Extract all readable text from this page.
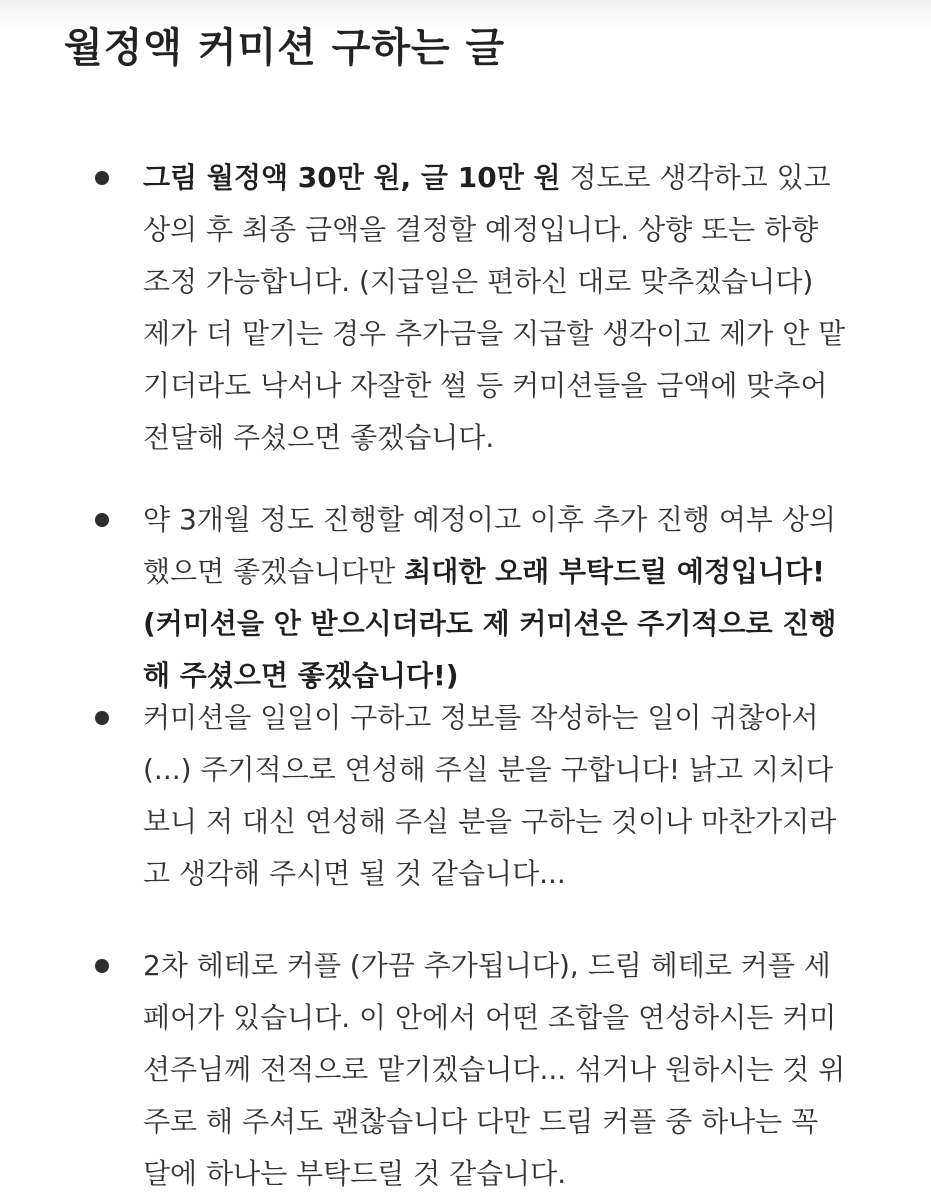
월정액 커미션 구하는 글
그림 월정액 30만 원, 글 10만 원 정도로 생각하고 있고
상의 후 최종 금액을 결정할 예정입니다. 상향 또는 하향
조정 가능합니다. (지급일은 편하신 대로 맞추겠습니다)
제가 더 맡기는 경우 추가금을 지급할 생각이고 제가 안 맡
기더라도 낙서나 자잘한 썰 등 커미션들을 금액에 맞추어
전달해 주셨으면 좋겠습니다.
약 3개월 정도 진행할 예정이고 이후 추가 진행 여부 상의
했으면 좋겠습니다만 최대한 오래 부탁드릴 예정입니다!
(커미션을 안 받으시더라도 제 커미션은 주기적으로 진행
해 주셨으면 좋겠습니다!)
커미션을 일일이 구하고 정보를 작성하는 일이 귀찮아서
(...) 주기적으로 연성해 주실 분을 구합니다! 낡고 지치다
보니 저 대신 연성해 주실 분을 구하는 것이나 마찬가지라
고 생각해 주시면 될 것 같습니다...
2차 헤테로 커플 (가끔 추가됩니다), 드림 헤테로 커플 세
페어가 있습니다. 이 안에서 어떤 조합을 연성하시든 커미
션주님께 전적으로 맡기겠습니다... 섞거나 원하시는 것 위
주로 해 주셔도 괜찮습니다 다만 드림 커플 중 하나는 꼭
달에 하나는 부탁드릴 것 같습니다.
